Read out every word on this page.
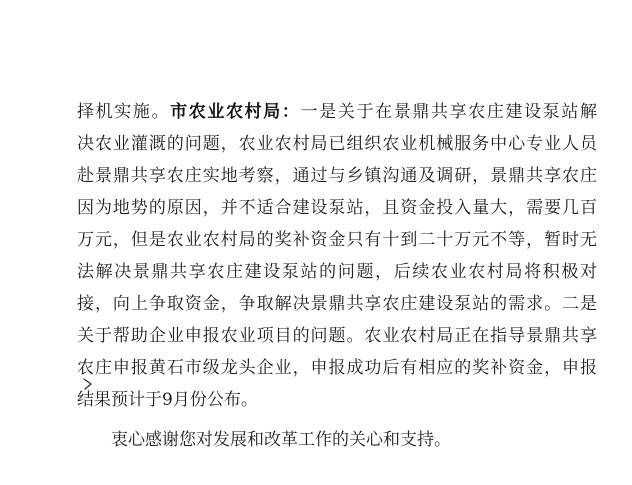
择机实施。市农业农村局：一是关于在景鼎共享农庄建设泵站解
决农业灌溉的问题，农业农村局已组织农业机械服务中心专业人员
赴景鼎共享农庄实地考察，通过与乡镇沟通及调研，景鼎共享农庄
因为地势的原因，并不适合建设泵站，且资金投入量大，需要几百
万元，但是农业农村局的奖补资金只有十到二十万元不等，暂时无
法解决景鼎共享农庄建设泵站的问题，后续农业农村局将积极对
接，向上争取资金，争取解决景鼎共享农庄建设泵站的需求。二是
关于帮助企业申报农业项目的问题。农业农村局正在指导景鼎共享
农庄申报黄石市级龙头企业，申报成功后有相应的奖补资金，申报
结果预计于9月份公布。
衷心感谢您对发展和改革工作的关心和支持。
